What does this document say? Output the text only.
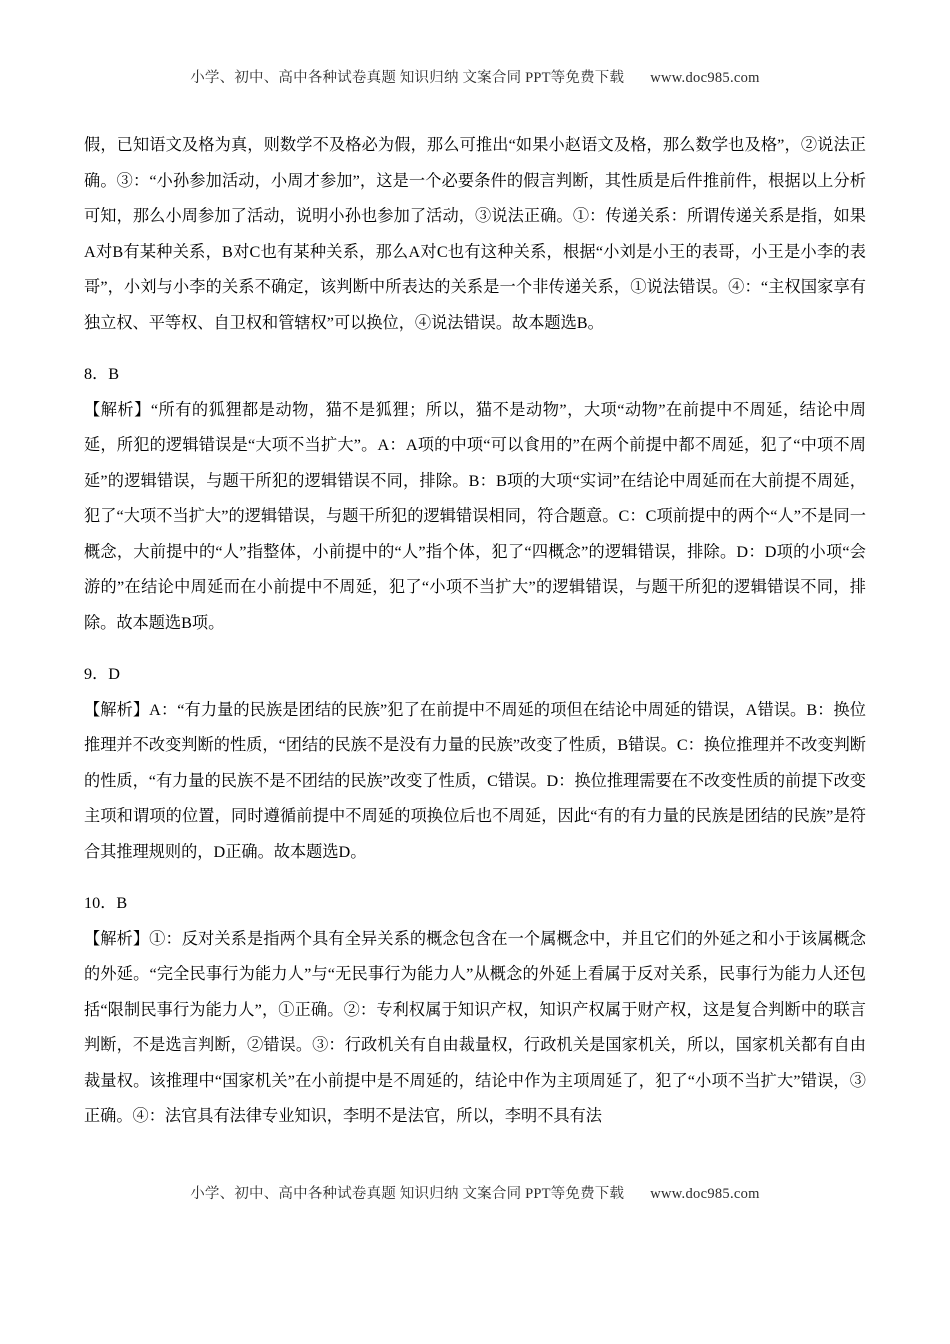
小学、初中、高中各种试卷真题 知识归纳 文案合同 PPT等免费下载 www.doc985.com

假，已知语文及格为真，则数学不及格必为假，那么可推出“如果小赵语文及格，那么数学也及格”，②说法正确。③：“小孙参加活动，小周才参加”，这是一个必要条件的假言判断，其性质是后件推前件，根据以上分析可知，那么小周参加了活动，说明小孙也参加了活动，③说法正确。①：传递关系：所谓传递关系是指，如果A对B有某种关系，B对C也有某种关系，那么A对C也有这种关系，根据“小刘是小王的表哥，小王是小李的表哥”，小刘与小李的关系不确定，该判断中所表达的关系是一个非传递关系，①说法错误。④：“主权国家享有独立权、平等权、自卫权和管辖权”可以换位，④说法错误。故本题选B。

8．B

【解析】“所有的狐狸都是动物，猫不是狐狸；所以，猫不是动物”，大项“动物”在前提中不周延，结论中周延，所犯的逻辑错误是“大项不当扩大”。A：A项的中项“可以食用的”在两个前提中都不周延，犯了“中项不周延”的逻辑错误，与题干所犯的逻辑错误不同，排除。B：B项的大项“实词”在结论中周延而在大前提不周延，犯了“大项不当扩大”的逻辑错误，与题干所犯的逻辑错误相同，符合题意。C：C项前提中的两个“人”不是同一概念，大前提中的“人”指整体，小前提中的“人”指个体，犯了“四概念”的逻辑错误，排除。D：D项的小项“会游的”在结论中周延而在小前提中不周延，犯了“小项不当扩大”的逻辑错误，与题干所犯的逻辑错误不同，排除。故本题选B项。

9．D

【解析】A：“有力量的民族是团结的民族”犯了在前提中不周延的项但在结论中周延的错误，A错误。B：换位推理并不改变判断的性质，“团结的民族不是没有力量的民族”改变了性质，B错误。C：换位推理并不改变判断的性质，“有力量的民族不是不团结的民族”改变了性质，C错误。D：换位推理需要在不改变性质的前提下改变主项和谓项的位置，同时遵循前提中不周延的项换位后也不周延，因此“有的有力量的民族是团结的民族”是符合其推理规则的，D正确。故本题选D。

10．B

【解析】①：反对关系是指两个具有全异关系的概念包含在一个属概念中，并且它们的外延之和小于该属概念的外延。“完全民事行为能力人”与“无民事行为能力人”从概念的外延上看属于反对关系，民事行为能力人还包括“限制民事行为能力人”，①正确。②：专利权属于知识产权，知识产权属于财产权，这是复合判断中的联言判断，不是选言判断，②错误。③：行政机关有自由裁量权，行政机关是国家机关，所以，国家机关都有自由裁量权。该推理中“国家机关”在小前提中是不周延的，结论中作为主项周延了，犯了“小项不当扩大”错误，③正确。④：法官具有法律专业知识，李明不是法官，所以，李明不具有法

小学、初中、高中各种试卷真题 知识归纳 文案合同 PPT等免费下载 www.doc985.com
